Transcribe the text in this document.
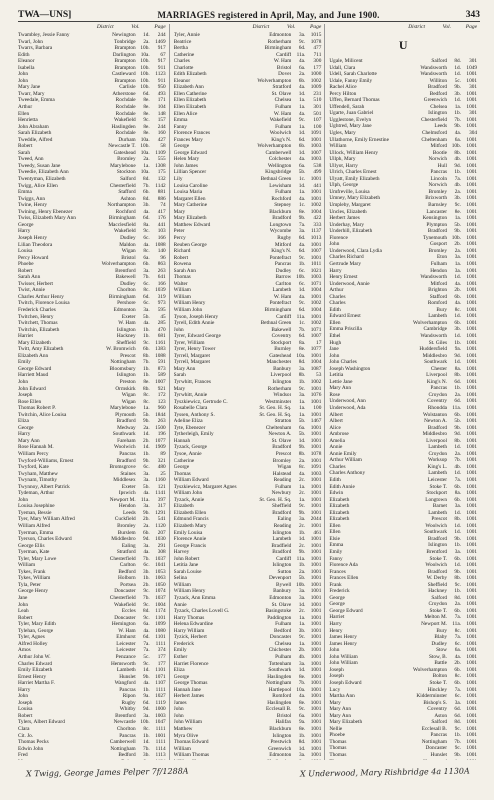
TWA—UNS]	MARRIAGES registered in April, May, and June 1900.	343
District	Vol.	Page
Twambley, Jessie Fanny	Newington	1d.	244
Twarl, John	Tonbridge	2a.	1469
Twarrs, Barbara	Brampton 10b.	917
Edith	Darlington 10a.	67
Eleanor	Brampton 10b.	917
Isabella	Brampton 10b.	911
John	Castleward 10b.	1123
John	Brampton 10b.	911
Mary Jane	Carlisle 10b.	950
Twarr, Mary	Atherstone	6d.	493
Tweedale, Emma	Rochdale	8e.	171
Arthur	Rochdale	8e.	104
Ellen	Rochdale	8e.	148
Henrietta	Wakefield	9c.	157
John Abraham	Haslingden	8e.	244
Sarah Elizabeth	Rochdale	8e.	160
Tweddle, Alfred	Durham 10a.	427
Robert	Newcastle T. 10b.	58
Sarah	Gateshead 10a.	1109
Tweed, Ann	Bromley	2a.	555
Tweedy, Susan Jane	Marylebone	1a.	1308
Tweedie, Elizabeth Ann	Stockton 10a.	175
Twentyman, Elizabeth	Salford	8d.	132
Twigg, Alice Ellen	Chesterfield	7b.	1142
Emma	Stafford	6b.	881
Twiggs, Ann	Ashton	8d.	886
Twine, Henry	Northampton	3b.	74
Twining, Henry Ebenezer	Rochford	4a.	417
Twiss, Elizabeth Mary Ann	Birmingham	6d.	176
George	Macclesfield	8a.	441
Harry	Wakefield	9c.	103
Joseph Henry	Dudley	6c.	166
Lilian Theodora	Maldon	4a.	1088
Louisa	Wigan	8c.	140
Percy Howard	Bristol	6a.	96
Phoebe	Wolverhampton	6b.	863
Robert	Brentford	3a.	263
Sarah Ann	Bakewell	7b.	641
Twisser, Herbert	Dudley	6c.	166
Twist, Annie	Chorlton	8c.	1039
Charles Arthur Henry	Birmingham	6d.	319
Twitch, Florence Louisa	Pershore	6c.	973
Frederick Charles	Edmonton	3a.	595
Twitchen, Henry	Exeter	5b.	45
Twitchett, Thomas	W. Ham	4a.	285
Twitchin, Elizabeth	Islington	1b.	470
Harriet	Hackney	1b.	681
Mary Elizabeth	Sheffield	9c.	1161
Twitt, Amy Elizabeth	W. Bromwich	6b.	1383
Elizabeth Ann	Prescot	8b.	1088
Emily	Nottingham	7b.	591
George Edward	Bloomsbury	1b.	873
Harriett Maud	Islington	1b.	589
John	Preston	8e.	1007
John Edward	Ormskirk	8b.	921
Joseph	Wigan	8c.	172
Rose Ellen	Wigan	8c.	123
Thomas Robert P.	Marylebone	1a.	960
Twitchin, Alice Louisa	Plymouth	5b.	1844
Eliza	Bradford	9b.	263
George	Medway	2a.	1500
Harry	Southwark	1d.	196
Mary Ann	Fareham	2b.	1077
Rose Hannah M.	Woolwich	1d.	1909
William Percy	Pancras	1b.	89
Twyford-Williams, Ernest	Bradford	9b.	321
Twyford, Kate	Bromsgrove	6c.	480
Twyham, Matthew	Staines	3a.	25
Twynam, Timothy	Middlesex	3a.	1160
Twynnoy, Albert Patrick	Exeter	5b.	121
Tydeman, Arthur	Ipswich	4a.	1141
John	Newport M. 11a.	397
Louisa Josephine	Hendon	3a.	317
Tyeman, Bessie	Leeds	9b.	1291
Tyer, Mary William Alfred	Cuckfield	2b.	541
William Alfred	Bromley	2a.	1120
Tyerman, Emma	Burslem	6b.	207
Tyerson, Charles Edward	Middlesbro	9d.	1030
George Ellis	Ealing	3a.	291
Tyerman, Kate	Stratford	4a.	308
Tyler, Mary Lowe	Chesterfield	7b.	1037
William	Carlton	6c.	1041
Tykes, Frank	Bedford	3b.	1053
Tykes, William	Holborn	1b.	1063
Tyla, Peter	Portsea	2b.	1050
George Henry	Doncaster	9c.	1074
Jane	Chesterfield	7b.	1037
John	Wakefield	9c.	1004
Leah	Eccles	8d.	1174
Robert	Doncaster	9c.	1101
Tyler, Mary Edith	Hemington	6a.	1099
Tylehan, George	W. Ham	4a.	1080
Tyler, Agnes	Elmhurst	6d.	1101
Alfred Holley	Leicester	7a.	1111
Amos	Leicester	7a.	374
Arthur John W.	Penzance	5c.	177
Charles Edward	Hemsworth	9c.	177
Emily Elizabeth	Lambeth	1d.	1101
Ernest Henry	Hunslet	9b.	1071
Harriet Martha F.	Wangford	4a.	1107
Harry	Pancras	1b.	1111
John	Ripon	9a.	1027
Joseph	Rugby	6d.	1119
Louisa	Whitby	9d.	1000
Robert	Brentford	3a.	1003
Tylers, Albert Edward	Newcastle 10b.	1047
Clara	Chorlton	8c.	1111
Cit. Jo.	Pancras	1b.	1001
Thomas Pecks	Camberwell	1d.	1111
Edwin John	Nottingham	7b.	1114
Fred	Bedford	3b.	1113
District	Vol.	Page
Tyler, Annie	Edmonton	3a.	1015
Beatrice	Rotherham	9c.	1078
Bertha	Birmingham	6d.	477
Catherine	Cardiff 11a.	711
Charles	W. Ham	4a.	300
Charlotte	Bristol	6a.	177
Edith Elizabeth	Dover	2a.	1000
Eleanor	Wolverhampton	6b.	1002
Elizabeth Ann	Stratford	4a.	1009
Ellen Catherine	St. Olave	1d.	231
Ellen Elizabeth	Chelsea	1a.	510
Ellen Elizabeth	Fulham	1a.	301
Ellen Alice	W. Ham	4a.	501
Emma	Wakefield	9c.	107
Fanny	Fulham	1a.	100
Florence Frances	Woolwich	1d.	1091
Frances Mary	King's N.	6d.	1001
George	Wolverhampton	6b.	1003
George Edward	Camberwell	1d.	1007
Helen Mary	Colchester	4a.	1003
John James	Wellington	6a.	538
Lillian Spencer	Kingsbridge	5b.	499
Lily	Bethnal Green	1c.	1001
Louisa Caroline	Lewisham	1d.	441
Louisa Maria	Fulham	1a.	1001
Margaret Ellen	Rochford	4a.	1001
Mary Catherine	Stepney	1c.	1002
Mary	Blackburn	8e.	1004
Mary Elizabeth	Bradford	9b.	422
Matthew Edward	Longtown	7a.	333
Peter	Wycombe	3a.	1137
Percy	Rugby	6d.	1013
Reuben George	Mitford	4a.	1001
Richard	King's N.	6d.	1007
Robert	Pontefract	9c.	1001
Rowena	Pancras	1b.	1011
Sarah Ann	Dudley	6c.	1021
Thomas	Barrow 10b.	1003
Walter	Carlton	6c.	1071
William	Lambeth	1d.	1004
William	W. Ham	4a.	1001
William Henry	Pontefract	9c.	1002
William John	Birmingham	6d.	1004
Tyson, Joseph Henry	Cardiff 11a.	1001
Tyrell, Edith Annie	Bethnal Green	1c.	1002
John	Bakewell	7b.	1071
Tyrer, Edward George	Coventry	6d.	1007
Tyrer, William	Stockport	8a.	17
Tyrer, Henry Tower	Burnley	8e.	1077
Tyrrell, Margaret	Gateshead 10a.	1001
Tyrrell, Margaret	Manchester	8d.	1004
Mary Ann	Banbury	3a.	1087
Sarah	Liverpool	8b.	53
Tyrwhitt, Frances	Islington	1b.	1002
Mary	Rotherham	9c.	1001
Tyrwhitt, Annie	Windsor	3a.	1076
Tyszkiewicz, Gertrude C.	Westminster	1a.	1001
Rosabelle Clara	St. Geo. H. Sq.	1a.	100
Tyssen, Anthony S.	St. Geo. H. Sq.	1a.	1001
Adeline Eliza	Stratton	5b.	1467
Tyte, Ebenezer	Cheltenham	6a.	1001
Tytherleigh, Emily	Newton A.	5b.	1001
Hannah	St. Olave	1d.	1001
Tyzack, George	Bradford	9b.	1001
Tysoe, Annie	Prescot	8b.	1078
Catherine	Bromley	2a.	1001
George	Wigan	8c.	1091
Thomas	Halstead	4a.	1003
William Edward	Reading	2c.	1001
Tyszkiewicz, Margaret Agnes	Fulham	1a.	1001
William John	Newbury	2c.	1001
Tyzack, Annie	St. Geo. H. Sq.	1a.	1001
Elizabeth	Sheffield	9c.	1001
Elizabeth Ellen	Bradford	9b.	1001
Edmund Francis	Ealing	3a.	2044
Elizabeth Mary	Reading	2c.	1001
Emily Louisa	Islington	1b.	461
Florence Annie	Lambeth	1d.	1001
George Francis	Bradfield	2c.	1001
Harvey	Bradford	9b.	1001
John Robert	Cardiff 11a.	1001
Letitia Jane	Islington	1b.	1001
Sarah Louise	Sutton	2a.	1001
Selina	Devenport	5b.	1001
William	Bywell 10b.	1001
William Henry	Banbury	3a.	1001
Tyzack, Ann Emma	Edmonton	3a.	1001
Annie	St. Olave	1d.	1001
Tyzack, Charles Lovell G.	Basingstoke	2c.	1001
Harry Thomas	Paddington	1a.	1001
Helena Edwardine	Fulham	1a.	1001
Harry William	Bedford	3b.	1001
Tyzick, Herbert	Doncaster	9c.	1001
Frederick	Chelsea	1a.	1001
Emily	Chichester	2b.	1001
Esther	Pulham	4b.	1001
Harriet Florence	Tottenham	3a.	1001
Eliza	Southwark	1d.	1001
George	Haslingden	8e.	1001
George Thomas	Nottingham	7b.	1001
Hannah Jane	Hartlepool 10a.	1001
Herbert James	Romford	4a.	1001
James	Haslingden	8e.	1001
John	Ecclesall B.	9c.	1001
John	Bristol	6a.	1001
John William	Halifax	9a.	1001
Matthew	Blackburn	8e.	1001
Myra Olive	Islington	1b.	1001
Thomas Edward	Prestwich	8d.	1001
William	Greenwich	1d.	1001
William Thomas	Edmonton	3a.	1001
District	Vol.	Page
U
Ugale, Milicent	Salford	8d.	301
Udall, Clara	Wandsworth	1d.	1049
Udell, Sarah Charlotte	Wandsworth	1d.	1001
Udale, Fanny Emily	Williton	5c.	1001
Rachel Alice	Bradford	9b.	301
Percy Hilton	Bedford	3b.	1001
Uffen, Bernard Thomas	Greenwich	1d.	1001
Uffendell, Sarah	Chelsea	1a.	1001
Ugarte, Juan Gabriel	Islington	1b.	301
Ugglestone, Evelyn	Chesterfield	7b.	1001
Ughtred, Mary Jane	Leeds	9b.	1001
Ugles, Mary	Chelmsford	4a.	304
Ullathorne, Emily Ernestine	Cheltenham	6a.	1001
William	Mitford 10b.	1001
Ullock, William Henry	Bootle	8b.	1001
Ullph, Mary	Norwich	4b.	1001
Ullyot, Harry	Hull	9d.	1001
Ulrich, Charles Ernest	Pancras	1b.	1001
Ulyatt, Emily Elizabeth	Lincoln	7a.	1001
Ulph, George	Norwich	4b.	1001
Umfreville, Louisa	Bromley	2a.	1001
Umney, Mary Elizabeth	Brixworth	3b.	1001
Umpleby, Margaret	Barnsley	9c.	1001
Uncles, Elizabeth	Lancaster	8e.	1001
Herbert James	Kensington	1a.	1001
Underhay, Mary	Plympton	5b.	1001
Underhill, Elizabeth	Bradford	9b.	1001
Florence	Tynemouth 10b.	1001
John	Gosport	2b.	1001
Underwood, Clara Lydia	Bromley	2a.	1001
Charles Richard	Eton	3a.	1001
Gertrude Mary	Fulham	1a.	1001
Harry	Hendon	3a.	1001
Henry Ernest	Wandsworth	1d.	1001
Underwood, Annie	Mitford	4a.	1001
Arthur	Brighton	2b.	1001
Charles	Stafford	6b.	1001
Charles	Romford	4a.	1001
Edith	Bury	8c.	1001
Edward Ernest	Lambeth	1d.	1001
Ellen	Wolverhampton	6b.	1001
Emma Priscilla	Cambridge	3b.	1001
Ethel	Wandsworth	1d.	1001
Hugh	St. Giles	1b.	1001
Jane	Huddersfield	9a.	1001
John	Middlesbro	9d.	1001
John Charles	Southwark	1d.	1001
Joseph Washington	Chester	8a.	1001
Letitia	Liverpool	8b.	1001
Lettie Jane	King's N.	6d.	1001
Mary Ann	Pancras	1b.	1001
Rose	Croydon	2a.	1001
Underwood, Ann	Coventry	6d.	1001
Underwood, Ada	Rhondda 11a.	1001
Albert	Wolstanton	6b.	1001
Albert	Newton A.	5b.	1001
Alice	Bradford	9b.	1001
Ambrose	Middlesbro	9d.	1001
Amelia	Liverpool	8b.	1001
Annie	Lambeth	1d.	1001
Annie Emily	Croydon	2a.	1001
Arthur William	Worksop	7b.	1001
Charles	King's L.	4b.	1001
Charles Anthony	Lambeth	1d.	1001
Edith	Leicester	7a.	1001
Edith Annie	Stoke T.	6b.	1001
Edwin	Stockport	8a.	1001
Elizabeth	Longtown	6b.	1001
Elizabeth	Barnet	3a.	1001
Elizabeth	Lambeth	1d.	1001
Elizabeth	Prescot	8b.	1001
Ellen	Woolwich	1d.	1001
Ellen	Southwark	1d.	1001
Elsie	Bradford	9b.	1001
Emma	Islington	1b.	1001
Emily	Brentford	3a.	1001
Fanny	Stoke T.	6b.	1001
Florence Ada	Woolwich	1d.	1001
Frances	Bradford	9b.	1001
Frances Ellen	W. Derby	8b.	1001
Frank	Sheffield	9c.	1001
Frederick	Hackney	1b.	1001
George	Salford	8d.	1001
George	Croydon	2a.	1001
George Edward	Stoke T.	6b.	1001
Harriet	Melton M.	7a.	1001
Harry	Newport M. 11a.	1001
Henry	Bury	8c.	1001
James Henry	Blaby	7a.	1001
James Henry	Dudley	6c.	1001
John	Stow	6a.	1001
John William	Stow, B.	4a.	1001
John William	Battle	2b.	1001
Joseph	Wolverhampton	6b.	1001
Joseph	Bolton	8c.	1001
Joseph Edward	Stoke T.	6b.	1001
Lucy	Hinckley	7a.	1001
Martha Ann	Kidderminster	6c.	1001
Mary	Bishop's S.	3a.	1001
Mary Ann	Coventry	6d.	1001
Mary Ann	Aston	6d.	1001
Mary Elizabeth	Salford	8d.	1001
Nellie	Ecclesall B.	9c.	1001
Phoebe	Pancras	1b.	1001
Thomas	Nottingham	7b.	1001
Thomas	Doncaster	9c.	1001
Thomas	Hunslet	9b.	1001
X Twigg, George James Pelper 7f/1288A	X Underwood, Mary Rishbridge 4a 1130A
